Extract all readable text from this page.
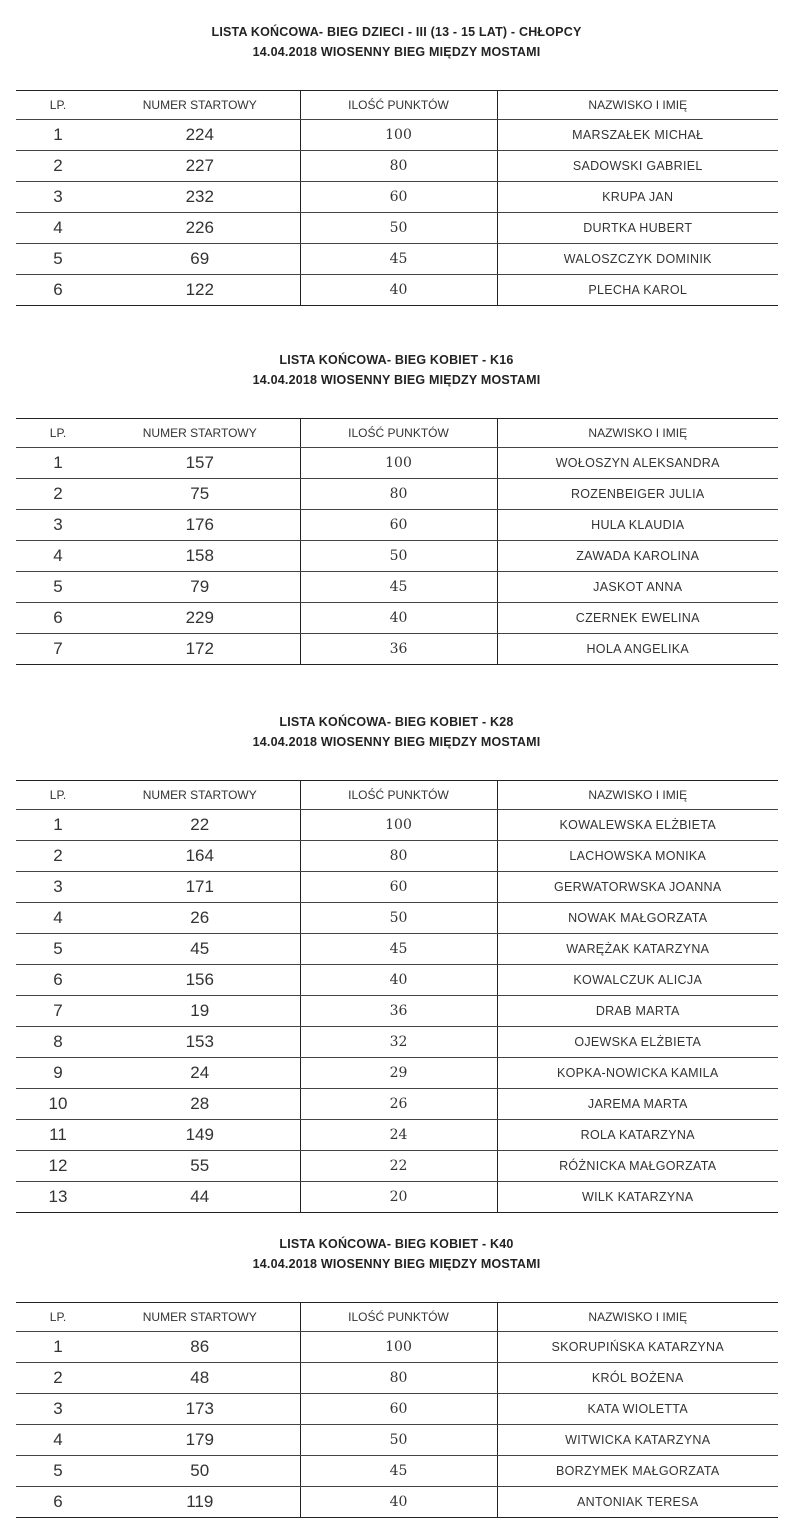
LISTA KOŃCOWA- BIEG DZIECI - III (13 - 15 LAT) - CHŁOPCY
14.04.2018 WIOSENNY BIEG MIĘDZY MOSTAMI
LP.	NUMER STARTOWY	ILOŚĆ PUNKTÓW	NAZWISKO I IMIĘ
1	224	100	MARSZAŁEK MICHAŁ
2	227	80	SADOWSKI GABRIEL
3	232	60	KRUPA JAN
4	226	50	DURTKA HUBERT
5	69	45	WALOSZCZYK DOMINIK
6	122	40	PLECHA KAROL
LISTA KOŃCOWA- BIEG KOBIET - K16
14.04.2018 WIOSENNY BIEG MIĘDZY MOSTAMI
LP.	NUMER STARTOWY	ILOŚĆ PUNKTÓW	NAZWISKO I IMIĘ
1	157	100	WOŁOSZYN ALEKSANDRA
2	75	80	ROZENBEIGER JULIA
3	176	60	HULA KLAUDIA
4	158	50	ZAWADA KAROLINA
5	79	45	JASKOT ANNA
6	229	40	CZERNEK EWELINA
7	172	36	HOLA ANGELIKA
LISTA KOŃCOWA- BIEG KOBIET - K28
14.04.2018 WIOSENNY BIEG MIĘDZY MOSTAMI
LP.	NUMER STARTOWY	ILOŚĆ PUNKTÓW	NAZWISKO I IMIĘ
1	22	100	KOWALEWSKA ELŻBIETA
2	164	80	LACHOWSKA MONIKA
3	171	60	GERWATORWSKA JOANNA
4	26	50	NOWAK MAŁGORZATA
5	45	45	WARĘŻAK KATARZYNA
6	156	40	KOWALCZUK ALICJA
7	19	36	DRAB MARTA
8	153	32	OJEWSKA ELŻBIETA
9	24	29	KOPKA-NOWICKA KAMILA
10	28	26	JAREMA MARTA
11	149	24	ROLA KATARZYNA
12	55	22	RÓŻNICKA MAŁGORZATA
13	44	20	WILK KATARZYNA
LISTA KOŃCOWA- BIEG KOBIET - K40
14.04.2018 WIOSENNY BIEG MIĘDZY MOSTAMI
LP.	NUMER STARTOWY	ILOŚĆ PUNKTÓW	NAZWISKO I IMIĘ
1	86	100	SKORUPIŃSKA KATARZYNA
2	48	80	KRÓL BOŻENA
3	173	60	KATA WIOLETTA
4	179	50	WITWICKA KATARZYNA
5	50	45	BORZYMEK MAŁGORZATA
6	119	40	ANTONIAK TERESA
